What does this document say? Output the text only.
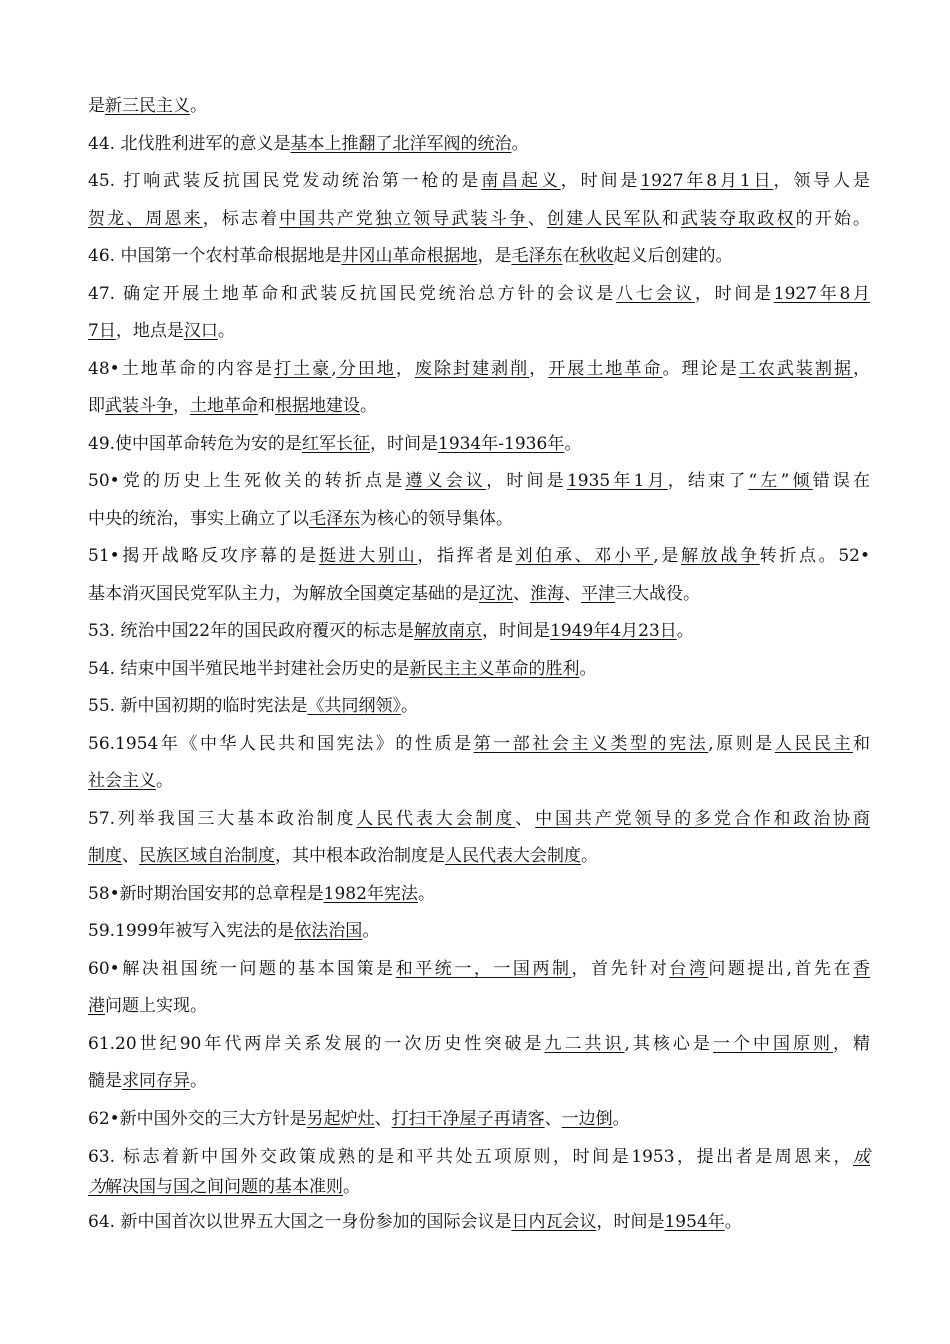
是新三民主义。
44. 北伐胜利进军的意义是基本上推翻了北洋军阀的统治。
45. 打响武装反抗国民党发动统治第一枪的是南昌起义，时间是1927年8月1日，领导人是
贺龙、周恩来，标志着中国共产党独立领导武装斗争、创建人民军队和武装夺取政权的开始。
46. 中国第一个农村革命根据地是井冈山革命根据地，是毛泽东在秋收起义后创建的。
47. 确定开展土地革命和武装反抗国民党统治总方针的会议是八七会议，时间是1927年8月
7日，地点是汉口。
48•土地革命的内容是打土豪,分田地，废除封建剥削，开展土地革命。理论是工农武装割据，
即武装斗争，土地革命和根据地建设。
49.使中国革命转危为安的是红军长征，时间是1934年-1936年。
50•党的历史上生死攸关的转折点是遵义会议，时间是1935年1月，结束了“左”倾错误在
中央的统治，事实上确立了以毛泽东为核心的领导集体。
51•揭开战略反攻序幕的是挺进大别山，指挥者是刘伯承、邓小平,是解放战争转折点。52•
基本消灭国民党军队主力，为解放全国奠定基础的是辽沈、淮海、平津三大战役。
53. 统治中国22年的国民政府覆灭的标志是解放南京，时间是1949年4月23日。
54. 结束中国半殖民地半封建社会历史的是新民主主义革命的胜利。
55. 新中国初期的临时宪法是《共同纲领》。
56.1954年《中华人民共和国宪法》的性质是第一部社会主义类型的宪法,原则是人民民主和
社会主义。
57.列举我国三大基本政治制度人民代表大会制度、中国共产党领导的多党合作和政治协商
制度、民族区域自治制度，其中根本政治制度是人民代表大会制度。
58•新时期治国安邦的总章程是1982年宪法。
59.1999年被写入宪法的是依法治国。
60•解决祖国统一问题的基本国策是和平统一，一国两制，首先针对台湾问题提出,首先在香
港问题上实现。
61.20世纪90年代两岸关系发展的一次历史性突破是九二共识,其核心是一个中国原则，精
髓是求同存异。
62•新中国外交的三大方针是另起炉灶、打扫干净屋子再请客、一边倒。
63. 标志着新中国外交政策成熟的是和平共处五项原则，时间是1953，提出者是周恩来，成
为解决国与国之间问题的基本准则。
64. 新中国首次以世界五大国之一身份参加的国际会议是日内瓦会议，时间是1954年。
